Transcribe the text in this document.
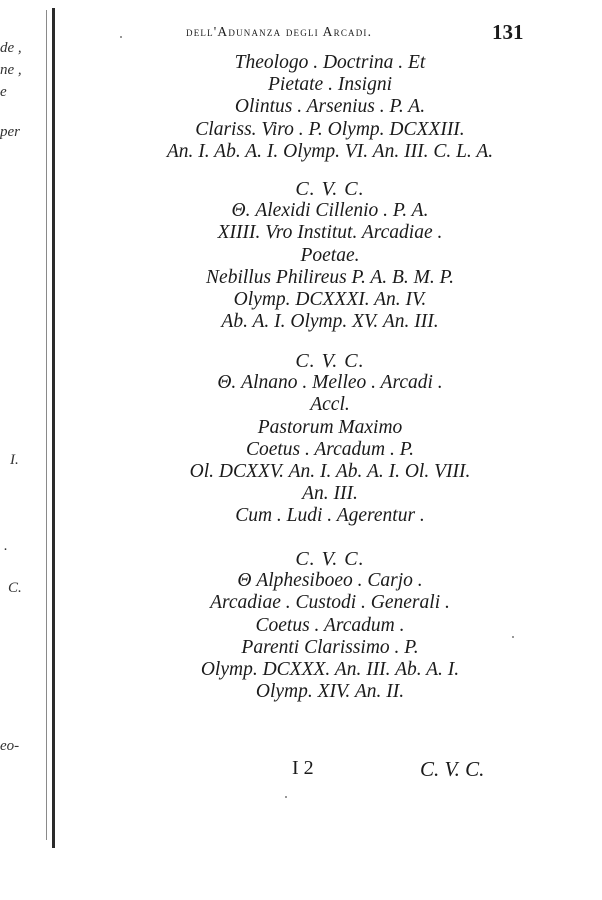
de ,
ne ,
e
per
I.
.
C.
eo-
dell'Adunanza degli Arcadi.	131
Theologo . Doctrina . Et
Pietate . Insigni
Olintus . Arsenius . P. A.
Clariss. Viro . P. Olymp. DCXXIII.
An. I. Ab. A. I. Olymp. VI. An. III. C. L. A.
C. V. C.
Θ. Alexidi Cillenio . P. A.
XIIII. Vro Institut. Arcadiae .
Poetae.
Nebillus Philireus P. A. B. M. P.
Olymp. DCXXXI. An. IV.
Ab. A. I. Olymp. XV. An. III.
C. V. C.
Θ. Alnano . Melleo . Arcadi .
Accl.
Pastorum Maximo
Coetus . Arcadum . P.
Ol. DCXXV. An. I. Ab. A. I. Ol. VIII.
An. III.
Cum . Ludi . Agerentur .
C. V. C.
Θ Alphesiboeo . Carjo .
Arcadiae . Custodi . Generali .
Coetus . Arcadum .
Parenti Clarissimo . P.
Olymp. DCXXX. An. III. Ab. A. I.
Olymp. XIV. An. II.
I 2	C. V. C.
